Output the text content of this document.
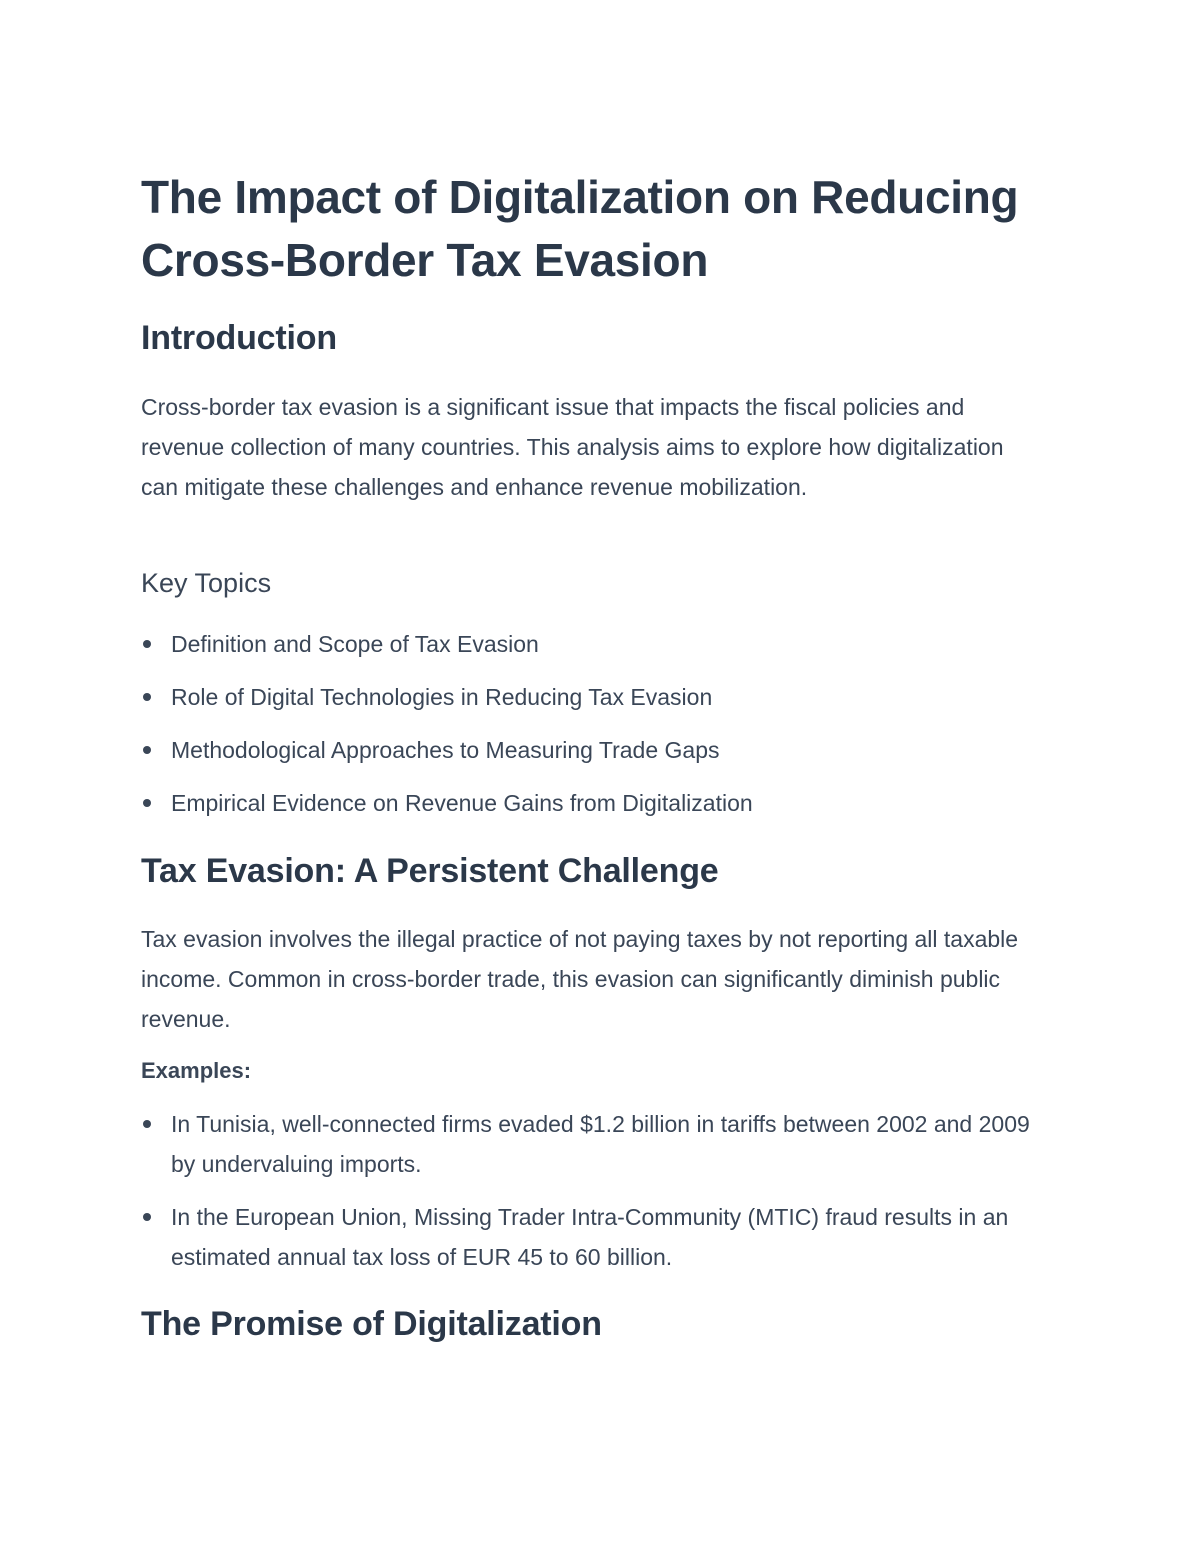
The Impact of Digitalization on Reducing Cross-Border Tax Evasion
Introduction

Cross-border tax evasion is a significant issue that impacts the fiscal policies and revenue collection of many countries. This analysis aims to explore how digitalization can mitigate these challenges and enhance revenue mobilization.

Key Topics
Definition and Scope of Tax Evasion
Role of Digital Technologies in Reducing Tax Evasion
Methodological Approaches to Measuring Trade Gaps
Empirical Evidence on Revenue Gains from Digitalization
Tax Evasion: A Persistent Challenge

Tax evasion involves the illegal practice of not paying taxes by not reporting all taxable income. Common in cross-border trade, this evasion can significantly diminish public revenue.

Examples:
In Tunisia, well-connected firms evaded $1.2 billion in tariffs between 2002 and 2009 by undervaluing imports.
In the European Union, Missing Trader Intra-Community (MTIC) fraud results in an estimated annual tax loss of EUR 45 to 60 billion.
The Promise of Digitalization
